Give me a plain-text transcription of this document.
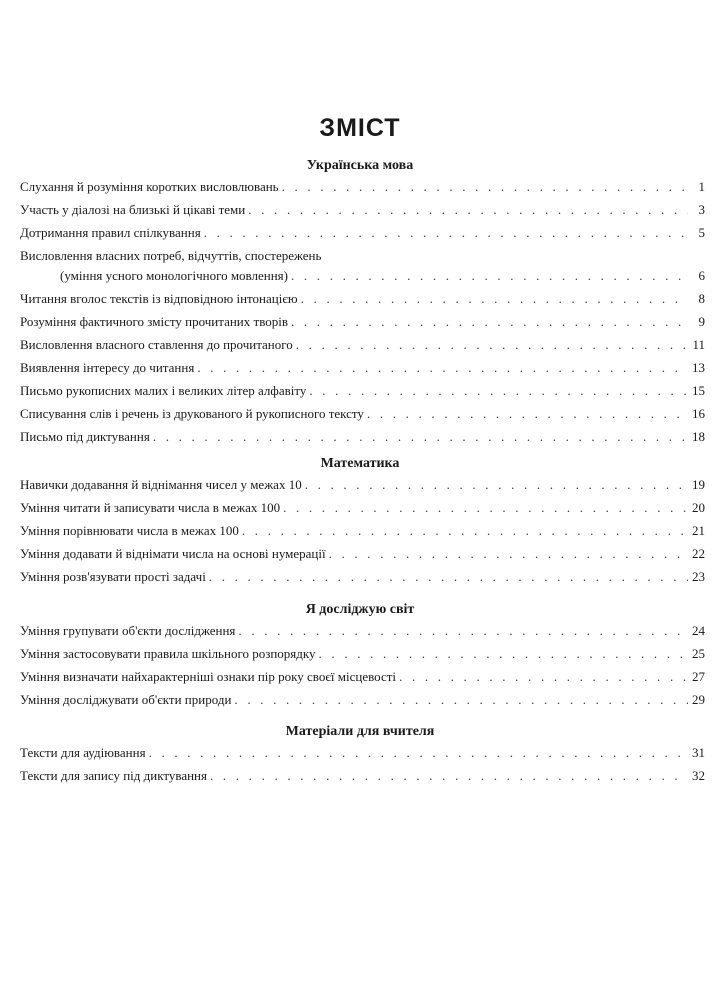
ЗМІСТ
Українська мова
Слухання й розуміння коротких висловлювань . . .	1
Участь у діалозі на близькі й цікаві теми . . .	3
Дотримання правил спілкування . . .	5
Висловлення власних потреб, відчуттів, спостережень
(уміння усного монологічного мовлення) . . .	6
Читання вголос текстів із відповідною інтонацією . . .	8
Розуміння фактичного змісту прочитаних творів . . .	9
Висловлення власного ставлення до прочитаного . . .	11
Виявлення інтересу до читання . . .	13
Письмо рукописних малих і великих літер алфавіту . . .	15
Списування слів і речень із друкованого й рукописного тексту . . .	16
Письмо під диктування . . .	18
Математика
Навички додавання й віднімання чисел у межах 10 . . .	19
Уміння читати й записувати числа в межах 100 . . .	20
Уміння порівнювати числа в межах 100 . . .	21
Уміння додавати й віднімати числа на основі нумерації . . .	22
Уміння розв'язувати прості задачі . . .	23
Я досліджую світ
Уміння групувати об'єкти дослідження . . .	24
Уміння застосовувати правила шкільного розпорядку . . .	25
Уміння визначати найхарактерніші ознаки пір року своєї місцевості . . .	27
Уміння досліджувати об'єкти природи . . .	29
Матеріали для вчителя
Тексти для аудіювання . . .	31
Тексти для запису під диктування . . .	32
